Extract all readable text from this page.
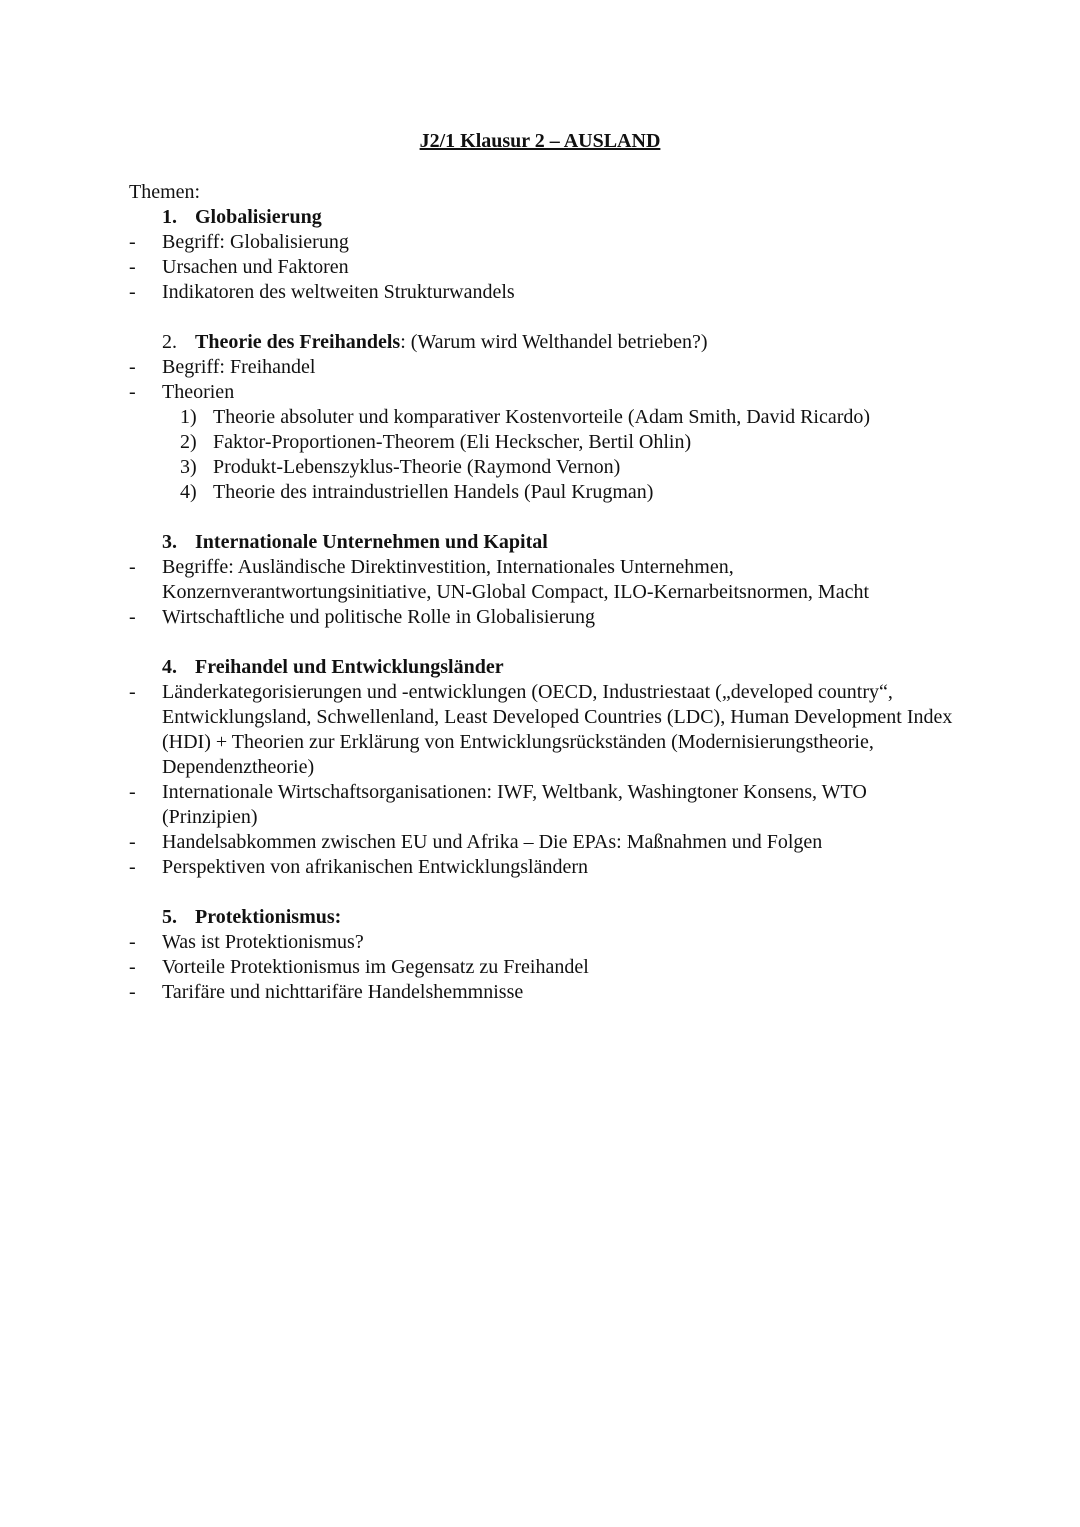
J2/1 Klausur 2 – AUSLAND
Themen:
1. Globalisierung
- Begriff: Globalisierung
- Ursachen und Faktoren
- Indikatoren des weltweiten Strukturwandels
2. Theorie des Freihandels: (Warum wird Welthandel betrieben?)
- Begriff: Freihandel
- Theorien
1) Theorie absoluter und komparativer Kostenvorteile (Adam Smith, David Ricardo)
2) Faktor-Proportionen-Theorem (Eli Heckscher, Bertil Ohlin)
3) Produkt-Lebenszyklus-Theorie (Raymond Vernon)
4) Theorie des intraindustriellen Handels (Paul Krugman)
3. Internationale Unternehmen und Kapital
- Begriffe: Ausländische Direktinvestition, Internationales Unternehmen, Konzernverantwortungsinitiative, UN-Global Compact, ILO-Kernarbeitsnormen, Macht
- Wirtschaftliche und politische Rolle in Globalisierung
4. Freihandel und Entwicklungsländer
- Länderkategorisierungen und -entwicklungen (OECD, Industriestaat („developed country“, Entwicklungsland, Schwellenland, Least Developed Countries (LDC), Human Development Index (HDI) + Theorien zur Erklärung von Entwicklungsrückständen (Modernisierungstheorie, Dependenztheorie)
- Internationale Wirtschaftsorganisationen: IWF, Weltbank, Washingtoner Konsens, WTO (Prinzipien)
- Handelsabkommen zwischen EU und Afrika – Die EPAs: Maßnahmen und Folgen
- Perspektiven von afrikanischen Entwicklungsländern
5. Protektionismus:
- Was ist Protektionismus?
- Vorteile Protektionismus im Gegensatz zu Freihandel
- Tarifäre und nichttarifäre Handelshemmnisse
